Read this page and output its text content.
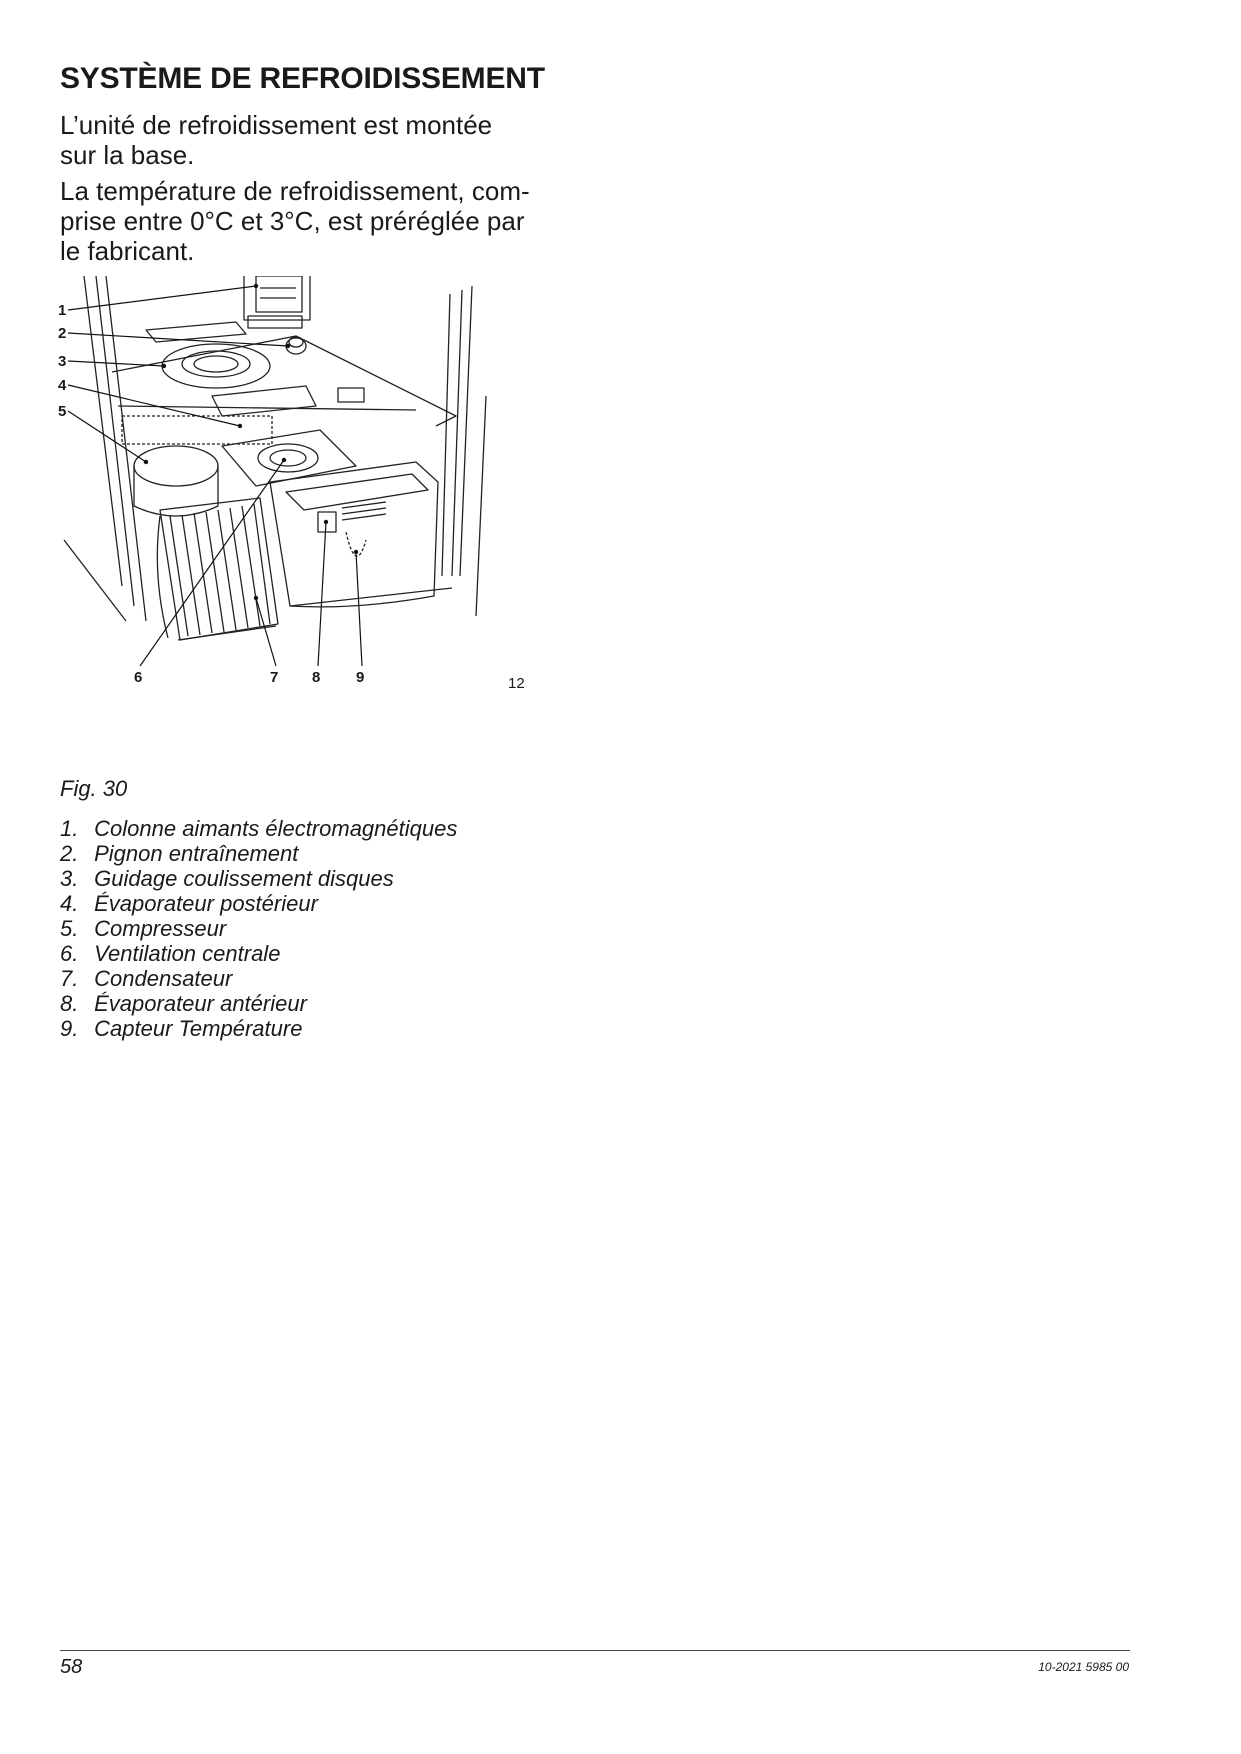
SYSTÈME DE REFROIDISSEMENT

L’unité de refroidissement est montée
sur la base.

La température de refroidissement, com-
prise entre 0°C et 3°C, est préréglée par
le fabricant.

1
2
3
4
5
6	7 8 9	12
Fig. 30
1. Colonne aimants électromagnétiques
2. Pignon entraînement
3. Guidage coulissement disques
4. Évaporateur postérieur
5. Compresseur
6. Ventilation centrale
7. Condensateur
8. Évaporateur antérieur
9. Capteur Température
58	10-2021 5985 00
